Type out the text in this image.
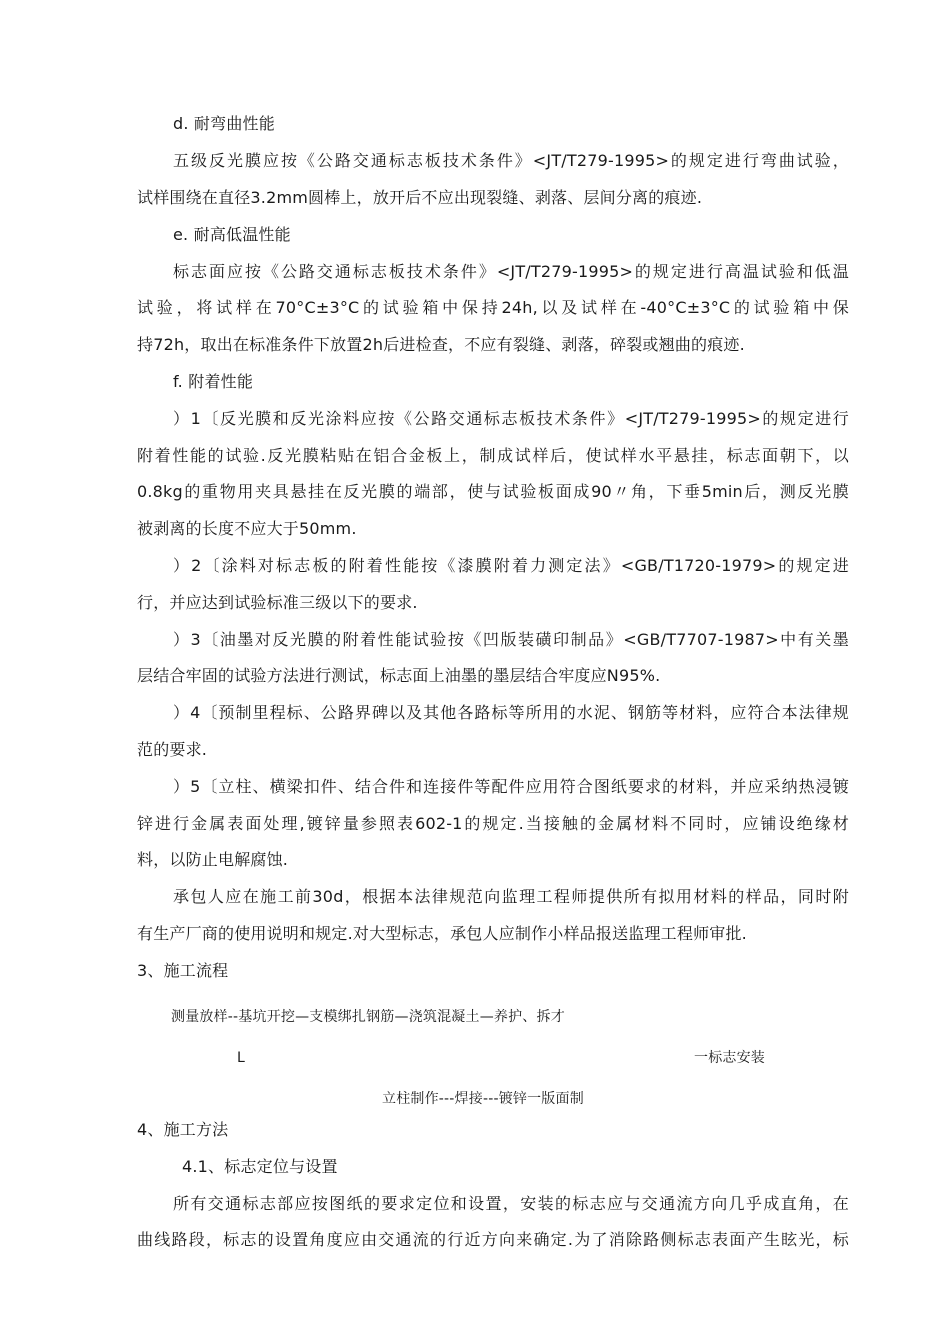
d. 耐弯曲性能

五级反光膜应按《公路交通标志板技术条件》<JT/T279-1995>的规定进行弯曲试验，

试样围绕在直径3.2mm圆棒上，放开后不应出现裂缝、剥落、层间分离的痕迹.

e. 耐高低温性能

标志面应按《公路交通标志板技术条件》<JT/T279-1995>的规定进行高温试验和低温

试验，将试样在70°C±3°C的试验箱中保持24h,以及试样在-40°C±3°C的试验箱中保

持72h，取出在标准条件下放置2h后进检查，不应有裂缝、剥落，碎裂或翘曲的痕迹.

f. 附着性能

）1〔反光膜和反光涂料应按《公路交通标志板技术条件》<JT/T279-1995>的规定进行

附着性能的试验.反光膜粘贴在铝合金板上，制成试样后，使试样水平悬挂，标志面朝下，以

0.8kg的重物用夹具悬挂在反光膜的端部，使与试验板面成90〃角，下垂5min后，测反光膜

被剥离的长度不应大于50mm.

）2〔涂料对标志板的附着性能按《漆膜附着力测定法》<GB/T1720-1979>的规定进

行，并应达到试验标准三级以下的要求.

）3〔油墨对反光膜的附着性能试验按《凹版装磺印制品》<GB/T7707-1987>中有关墨

层结合牢固的试验方法进行测试，标志面上油墨的墨层结合牢度应N95%.

）4〔预制里程标、公路界碑以及其他各路标等所用的水泥、钢筋等材料，应符合本法律规

范的要求.

）5〔立柱、横梁扣件、结合件和连接件等配件应用符合图纸要求的材料，并应采纳热浸镀

锌进行金属表面处理,镀锌量参照表602-1的规定.当接触的金属材料不同时，应铺设绝缘材

料，以防止电解腐蚀.

承包人应在施工前30d，根据本法律规范向监理工程师提供所有拟用材料的样品，同时附

有生产厂商的使用说明和规定.对大型标志，承包人应制作小样品报送监理工程师审批.

3、施工流程

测量放样--基坑开挖—支模绑扎钢筋—浇筑混凝土—养护、拆才

L	一标志安装

立柱制作---焊接---镀锌一版面制

4、施工方法

4.1、标志定位与设置

所有交通标志部应按图纸的要求定位和设置，安装的标志应与交通流方向几乎成直角，在

曲线路段，标志的设置角度应由交通流的行近方向来确定.为了消除路侧标志表面产生眩光，标
